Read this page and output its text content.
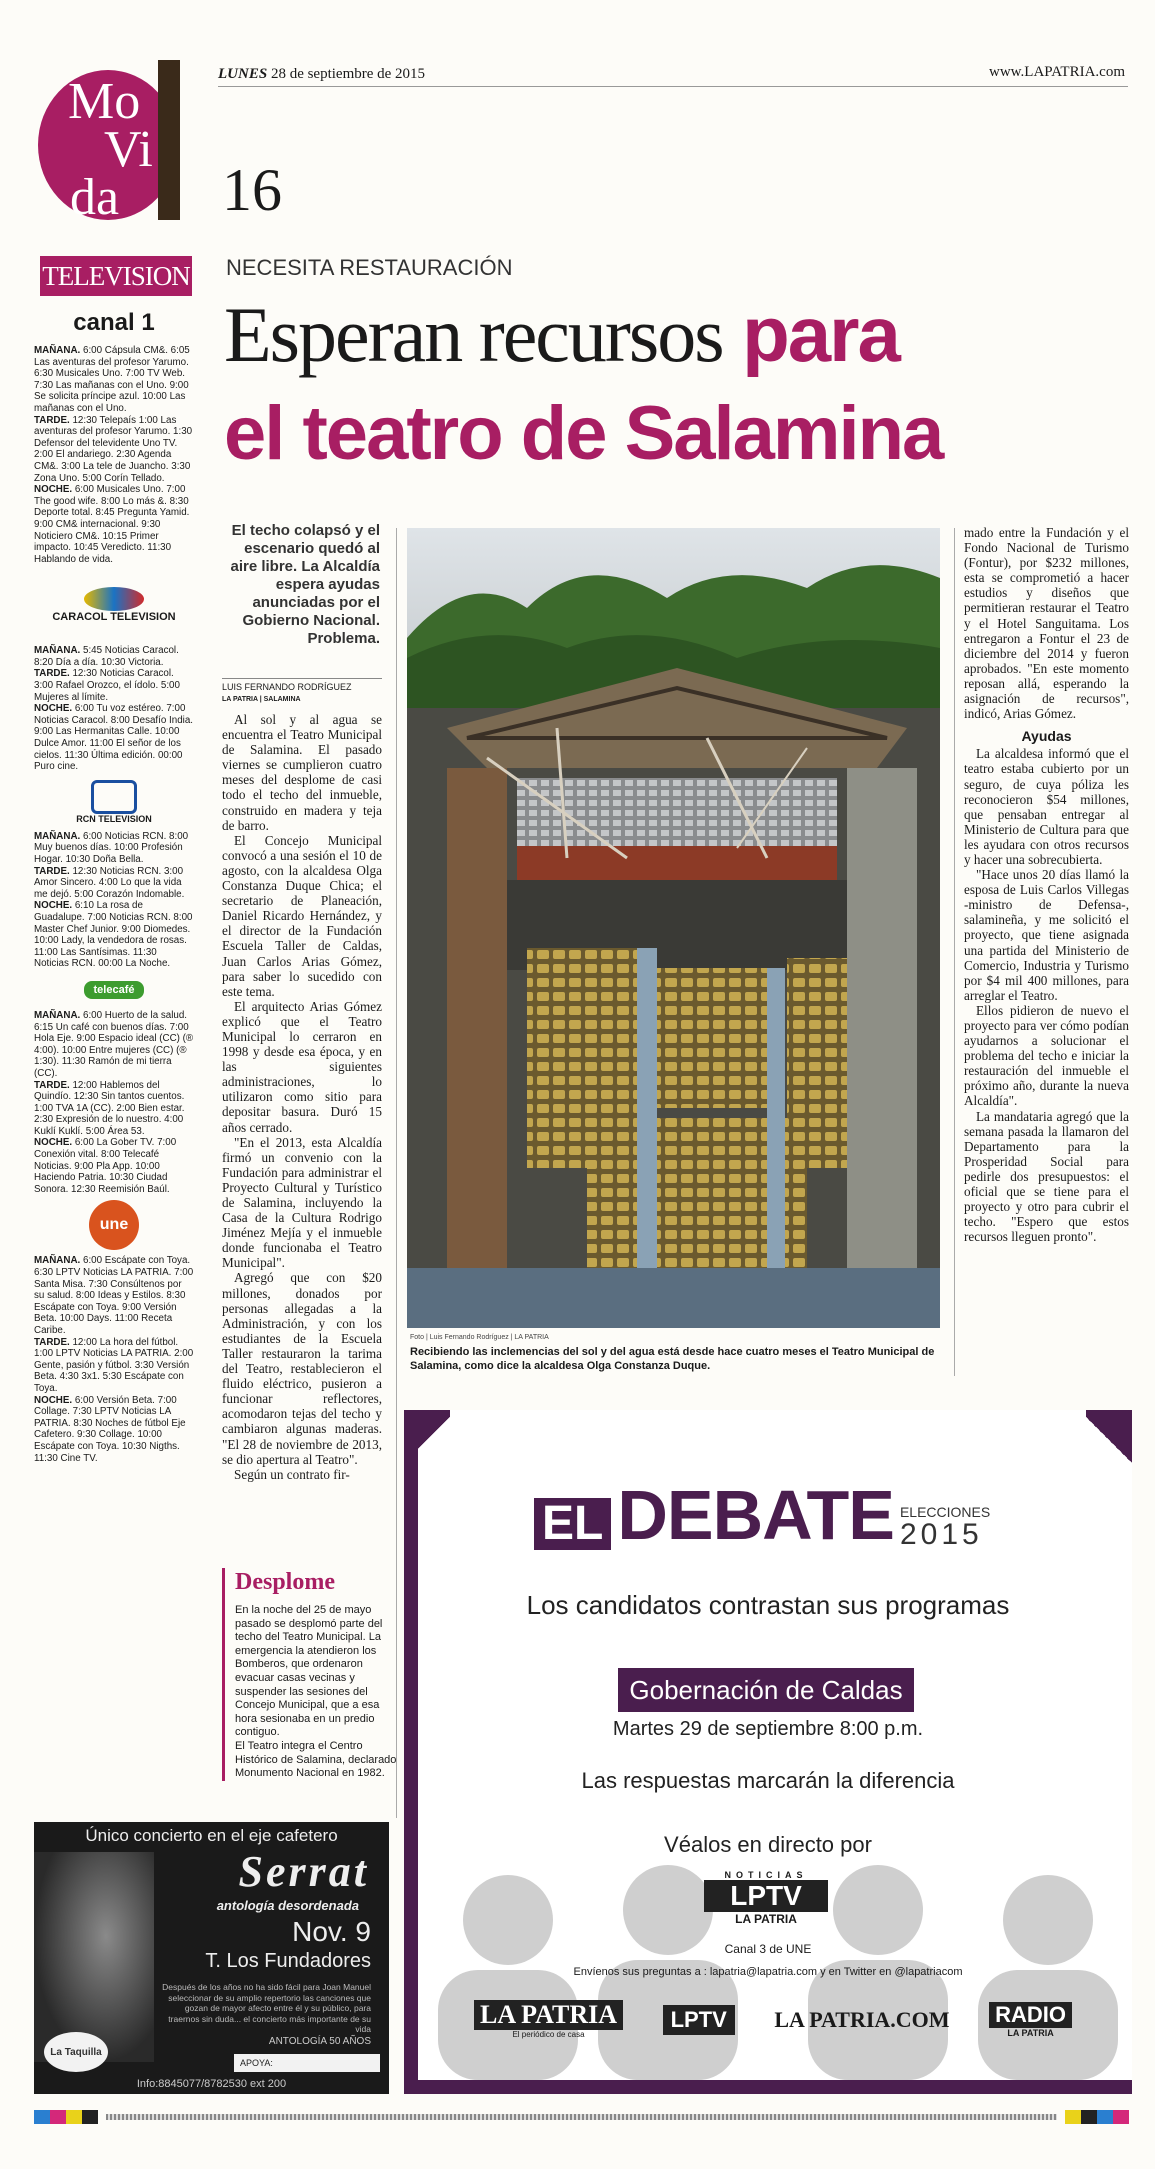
Mo
Vi
da
LUNES 28 de septiembre de 2015	www.LAPATRIA.com
16
TELEVISION
canal 1

MAÑANA. 6:00 Cápsula CM&. 6:05 Las aventuras del profesor Yarumo. 6:30 Musicales Uno. 7:00 TV Web. 7:30 Las mañanas con el Uno. 9:00 Se solicita príncipe azul. 10:00 Las mañanas con el Uno.

TARDE. 12:30 Telepaís 1:00 Las aventuras del profesor Yarumo. 1:30 Defensor del televidente Uno TV. 2:00 El andariego. 2:30 Agenda CM&. 3:00 La tele de Juancho. 3:30 Zona Uno. 5:00 Corín Tellado.

NOCHE. 6:00 Musicales Uno. 7:00 The good wife. 8:00 Lo más &. 8:30 Deporte total. 8:45 Pregunta Yamid. 9:00 CM& internacional. 9:30 Noticiero CM&. 10:15 Primer impacto. 10:45 Veredicto. 11:30 Hablando de vida.

CARACOL TELEVISION

MAÑANA. 5:45 Noticias Caracol. 8:20 Día a día. 10:30 Victoria.

TARDE. 12:30 Noticias Caracol. 3:00 Rafael Orozco, el ídolo. 5:00 Mujeres al límite.

NOCHE. 6:00 Tu voz estéreo. 7:00 Noticias Caracol. 8:00 Desafío India. 9:00 Las Hermanitas Calle. 10:00 Dulce Amor. 11:00 El señor de los cielos. 11:30 Última edición. 00:00 Puro cine.

RCN TELEVISION

MAÑANA. 6:00 Noticias RCN. 8:00 Muy buenos días. 10:00 Profesión Hogar. 10:30 Doña Bella.

TARDE. 12:30 Noticias RCN. 3:00 Amor Sincero. 4:00 Lo que la vida me dejó. 5:00 Corazón Indomable.

NOCHE. 6:10 La rosa de Guadalupe. 7:00 Noticias RCN. 8:00 Master Chef Junior. 9:00 Diomedes. 10:00 Lady, la vendedora de rosas. 11:00 Las Santísimas. 11:30 Noticias RCN. 00:00 La Noche.

telecafé

MAÑANA. 6:00 Huerto de la salud. 6:15 Un café con buenos días. 7:00 Hola Eje. 9:00 Espacio ideal (CC) (® 4:00). 10:00 Entre mujeres (CC) (® 1:30). 11:30 Ramón de mi tierra (CC).

TARDE. 12:00 Hablemos del Quindío. 12:30 Sin tantos cuentos. 1:00 TVA 1A (CC). 2:00 Bien estar. 2:30 Expresión de lo nuestro. 4:00 Kuklí Kuklí. 5:00 Área 53.

NOCHE. 6:00 La Gober TV. 7:00 Conexión vital. 8:00 Telecafé Noticias. 9:00 Pla App. 10:00 Haciendo Patria. 10:30 Ciudad Sonora. 12:30 Reemisión Baúl.

une

MAÑANA. 6:00 Escápate con Toya. 6:30 LPTV Noticias LA PATRIA. 7:00 Santa Misa. 7:30 Consúltenos por su salud. 8:00 Ideas y Estilos. 8:30 Escápate con Toya. 9:00 Versión Beta. 10:00 Days. 11:00 Receta Caribe.

TARDE. 12:00 La hora del fútbol. 1:00 LPTV Noticias LA PATRIA. 2:00 Gente, pasión y fútbol. 3:30 Versión Beta. 4:30 3x1. 5:30 Escápate con Toya.

NOCHE. 6:00 Versión Beta. 7:00 Collage. 7:30 LPTV Noticias LA PATRIA. 8:30 Noches de fútbol Eje Cafetero. 9:30 Collage. 10:00 Escápate con Toya. 10:30 Nigths. 11:30 Cine TV.

NECESITA RESTAURACIÓN
Esperan recursos para
el teatro de Salamina
El techo colapsó y el escenario quedó al aire libre. La Alcaldía espera ayudas anunciadas por el Gobierno Nacional. Problema.
LUIS FERNANDO RODRÍGUEZ
LA PATRIA | SALAMINA

Al sol y al agua se encuentra el Teatro Municipal de Salamina. El pasado viernes se cumplieron cuatro meses del desplome de casi todo el techo del inmueble, construido en madera y teja de barro.

El Concejo Municipal convocó a una sesión el 10 de agosto, con la alcaldesa Olga Constanza Duque Chica; el secretario de Planeación, Daniel Ricardo Hernández, y el director de la Fundación Escuela Taller de Caldas, Juan Carlos Arias Gómez, para saber lo sucedido con este tema.

El arquitecto Arias Gómez explicó que el Teatro Municipal lo cerraron en 1998 y desde esa época, y en las siguientes administraciones, lo utilizaron como sitio para depositar basura. Duró 15 años cerrado.

"En el 2013, esta Alcaldía firmó un convenio con la Fundación para administrar el Proyecto Cultural y Turístico de Salamina, incluyendo la Casa de la Cultura Rodrigo Jiménez Mejía y el inmueble donde funcionaba el Teatro Municipal".

Agregó que con $20 millones, donados por personas allegadas a la Administración, y con los estudiantes de la Escuela Taller restauraron la tarima del Teatro, restablecieron el fluido eléctrico, pusieron a funcionar reflectores, acomodaron tejas del techo y cambiaron algunas maderas. "El 28 de noviembre de 2013, se dio apertura al Teatro".

Según un contrato fir-

Desplome
En la noche del 25 de mayo pasado se desplomó parte del techo del Teatro Municipal. La emergencia la atendieron los Bomberos, que ordenaron evacuar casas vecinas y suspender las sesiones del Concejo Municipal, que a esa hora sesionaba en un predio contiguo.
El Teatro integra el Centro Histórico de Salamina, declarado Monumento Nacional en 1982.
Foto | Luis Fernando Rodríguez | LA PATRIA
Recibiendo las inclemencias del sol y del agua está desde hace cuatro meses el Teatro Municipal de Salamina, como dice la alcaldesa Olga Constanza Duque.

mado entre la Fundación y el Fondo Nacional de Turismo (Fontur), por $232 millones, esta se comprometió a hacer estudios y diseños que permitieran restaurar el Teatro y el Hotel Sanguitama. Los entregaron a Fontur el 23 de diciembre del 2014 y fueron aprobados. "En este momento reposan allá, esperando la asignación de recursos", indicó, Arias Gómez.

Ayudas

La alcaldesa informó que el teatro estaba cubierto por un seguro, de cuya póliza les reconocieron $54 millones, que pensaban entregar al Ministerio de Cultura para que les ayudara con otros recursos y hacer una sobrecubierta.

"Hace unos 20 días llamó la esposa de Luis Carlos Villegas -ministro de Defensa-, salamineña, y me solicitó el proyecto, que tiene asignada una partida del Ministerio de Comercio, Industria y Turismo por $4 mil 400 millones, para arreglar el Teatro.

Ellos pidieron de nuevo el proyecto para ver cómo podían ayudarnos a solucionar el problema del techo e iniciar la restauración del inmueble el próximo año, durante la nueva Alcaldía".

La mandataria agregó que la semana pasada la llamaron del Departamento para la Prosperidad Social para pedirle dos presupuestos: el oficial que se tiene para el proyecto y otro para cubrir el techo. "Espero que estos recursos lleguen pronto".

Único concierto en el eje cafetero
Serrat
antología desordenada
Nov. 9
T. Los Fundadores
Después de los años no ha sido fácil para Joan Manuel seleccionar de su amplio repertorio las canciones que gozan de mayor afecto entre él y su público, para traernos sin duda... el concierto más importante de su vida
ANTOLOGÍA 50 AÑOS
La Taquilla
APOYA:
Info:8845077/8782530 ext 200
EL DEBATE ELECCIONES
2015
Los candidatos contrastan sus programas
Gobernación de Caldas
Martes 29 de septiembre 8:00 p.m.
Las respuestas marcarán la diferencia
Véalos en directo por
NOTICIAS
LPTV
LA PATRIA
Canal 3 de UNE
Envíenos sus preguntas a : lapatria@lapatria.com y en Twitter en @lapatriacom
LA PATRIA
El periódico de casa
LPTV	LA PATRIA.COM RADIO
LA PATRIA
